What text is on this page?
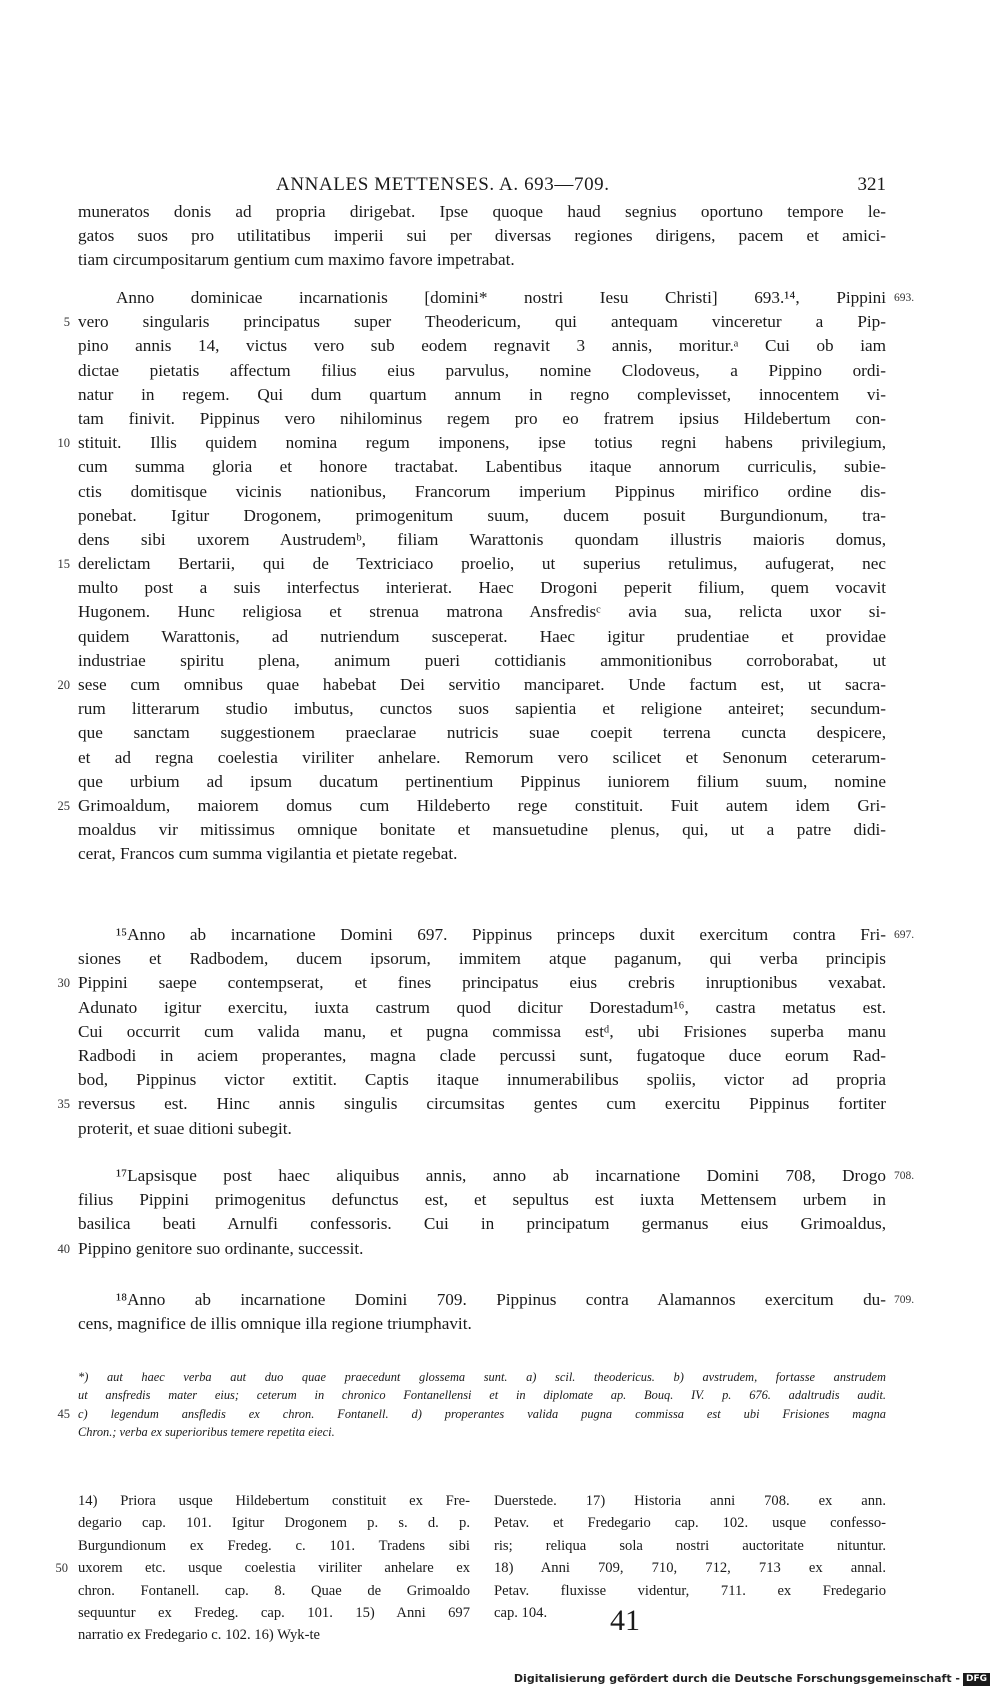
ANNALES METTENSES. A. 693—709.	321
muneratos donis ad propria dirigebat. Ipse quoque haud segnius oportuno tempore le-
gatos suos pro utilitatibus imperii sui per diversas regiones dirigens, pacem et amici-
tiam circumpositarum gentium cum maximo favore impetrabat.
Anno dominicae incarnationis [domini* nostri Iesu Christi] 693.¹⁴, Pippini 693.
5 vero singularis principatus super Theodericum, qui antequam vinceretur a Pip-
pino annis 14, victus vero sub eodem regnavit 3 annis, moritur.ᵃ Cui ob iam
dictae pietatis affectum filius eius parvulus, nomine Clodoveus, a Pippino ordi-
natur in regem. Qui dum quartum annum in regno complevisset, innocentem vi-
tam finivit. Pippinus vero nihilominus regem pro eo fratrem ipsius Hildebertum con-
10 stituit. Illis quidem nomina regum imponens, ipse totius regni habens privilegium,
cum summa gloria et honore tractabat. Labentibus itaque annorum curriculis, subie-
ctis domitisque vicinis nationibus, Francorum imperium Pippinus mirifico ordine dis-
ponebat. Igitur Drogonem, primogenitum suum, ducem posuit Burgundionum, tra-
dens sibi uxorem Austrudemᵇ, filiam Warattonis quondam illustris maioris domus,
15 derelictam Bertarii, qui de Textriciaco proelio, ut superius retulimus, aufugerat, nec
multo post a suis interfectus interierat. Haec Drogoni peperit filium, quem vocavit
Hugonem. Hunc religiosa et strenua matrona Ansfredisᶜ avia sua, relicta uxor si-
quidem Warattonis, ad nutriendum susceperat. Haec igitur prudentiae et providae
industriae spiritu plena, animum pueri cottidianis ammonitionibus corroborabat, ut
20 sese cum omnibus quae habebat Dei servitio manciparet. Unde factum est, ut sacra-
rum litterarum studio imbutus, cunctos suos sapientia et religione anteiret; secundum-
que sanctam suggestionem praeclarae nutricis suae coepit terrena cuncta despicere,
et ad regna coelestia viriliter anhelare. Remorum vero scilicet et Senonum ceterarum-
que urbium ad ipsum ducatum pertinentium Pippinus iuniorem filium suum, nomine
25 Grimoaldum, maiorem domus cum Hildeberto rege constituit. Fuit autem idem Gri-
moaldus vir mitissimus omnique bonitate et mansuetudine plenus, qui, ut a patre didi-
cerat, Francos cum summa vigilantia et pietate regebat.
¹⁵Anno ab incarnatione Domini 697. Pippinus princeps duxit exercitum contra Fri- 697.
siones et Radbodem, ducem ipsorum, immitem atque paganum, qui verba principis
30 Pippini saepe contempserat, et fines principatus eius crebris inruptionibus vexabat.
Adunato igitur exercitu, iuxta castrum quod dicitur Dorestadum¹⁶, castra metatus est.
Cui occurrit cum valida manu, et pugna commissa estᵈ, ubi Frisiones superba manu
Radbodi in aciem properantes, magna clade percussi sunt, fugatoque duce eorum Rad-
bod, Pippinus victor extitit. Captis itaque innumerabilibus spoliis, victor ad propria
35 reversus est. Hinc annis singulis circumsitas gentes cum exercitu Pippinus fortiter
proterit, et suae ditioni subegit.
¹⁷Lapsisque post haec aliquibus annis, anno ab incarnatione Domini 708, Drogo 708.
filius Pippini primogenitus defunctus est, et sepultus est iuxta Mettensem urbem in
basilica beati Arnulfi confessoris. Cui in principatum germanus eius Grimoaldus,
40 Pippino genitore suo ordinante, successit.
¹⁸Anno ab incarnatione Domini 709. Pippinus contra Alamannos exercitum du- 709.
cens, magnifice de illis omnique illa regione triumphavit.
*) aut haec verba aut duo quae praecedunt glossema sunt. a) scil. theodericus. b) avstrudem, fortasse anstrudem
ut ansfredis mater eius; ceterum in chronico Fontanellensi et in diplomate ap. Bouq. IV. p. 676. adaltrudis audit.
45 c) legendum ansfledis ex chron. Fontanell. d) properantes valida pugna commissa est ubi Frisiones magna
Chron.; verba ex superioribus temere repetita eieci.
14) Priora usque Hildebertum constituit ex Fre-
degario cap. 101. Igitur Drogonem p. s. d. p.
Burgundionum ex Fredeg. c. 101. Tradens sibi
50 uxorem etc. usque coelestia viriliter anhelare ex
chron. Fontanell. cap. 8. Quae de Grimoaldo
sequuntur ex Fredeg. cap. 101. 15) Anni 697
narratio ex Fredegario c. 102. 16) Wyk-te
Duerstede. 17) Historia anni 708. ex ann.
Petav. et Fredegario cap. 102. usque confesso-
ris; reliqua sola nostri auctoritate nituntur.
18) Anni 709, 710, 712, 713 ex annal.
Petav. fluxisse videntur, 711. ex Fredegario
cap. 104.	41
Digitalisierung gefördert durch die Deutsche Forschungsgemeinschaft - DFG
